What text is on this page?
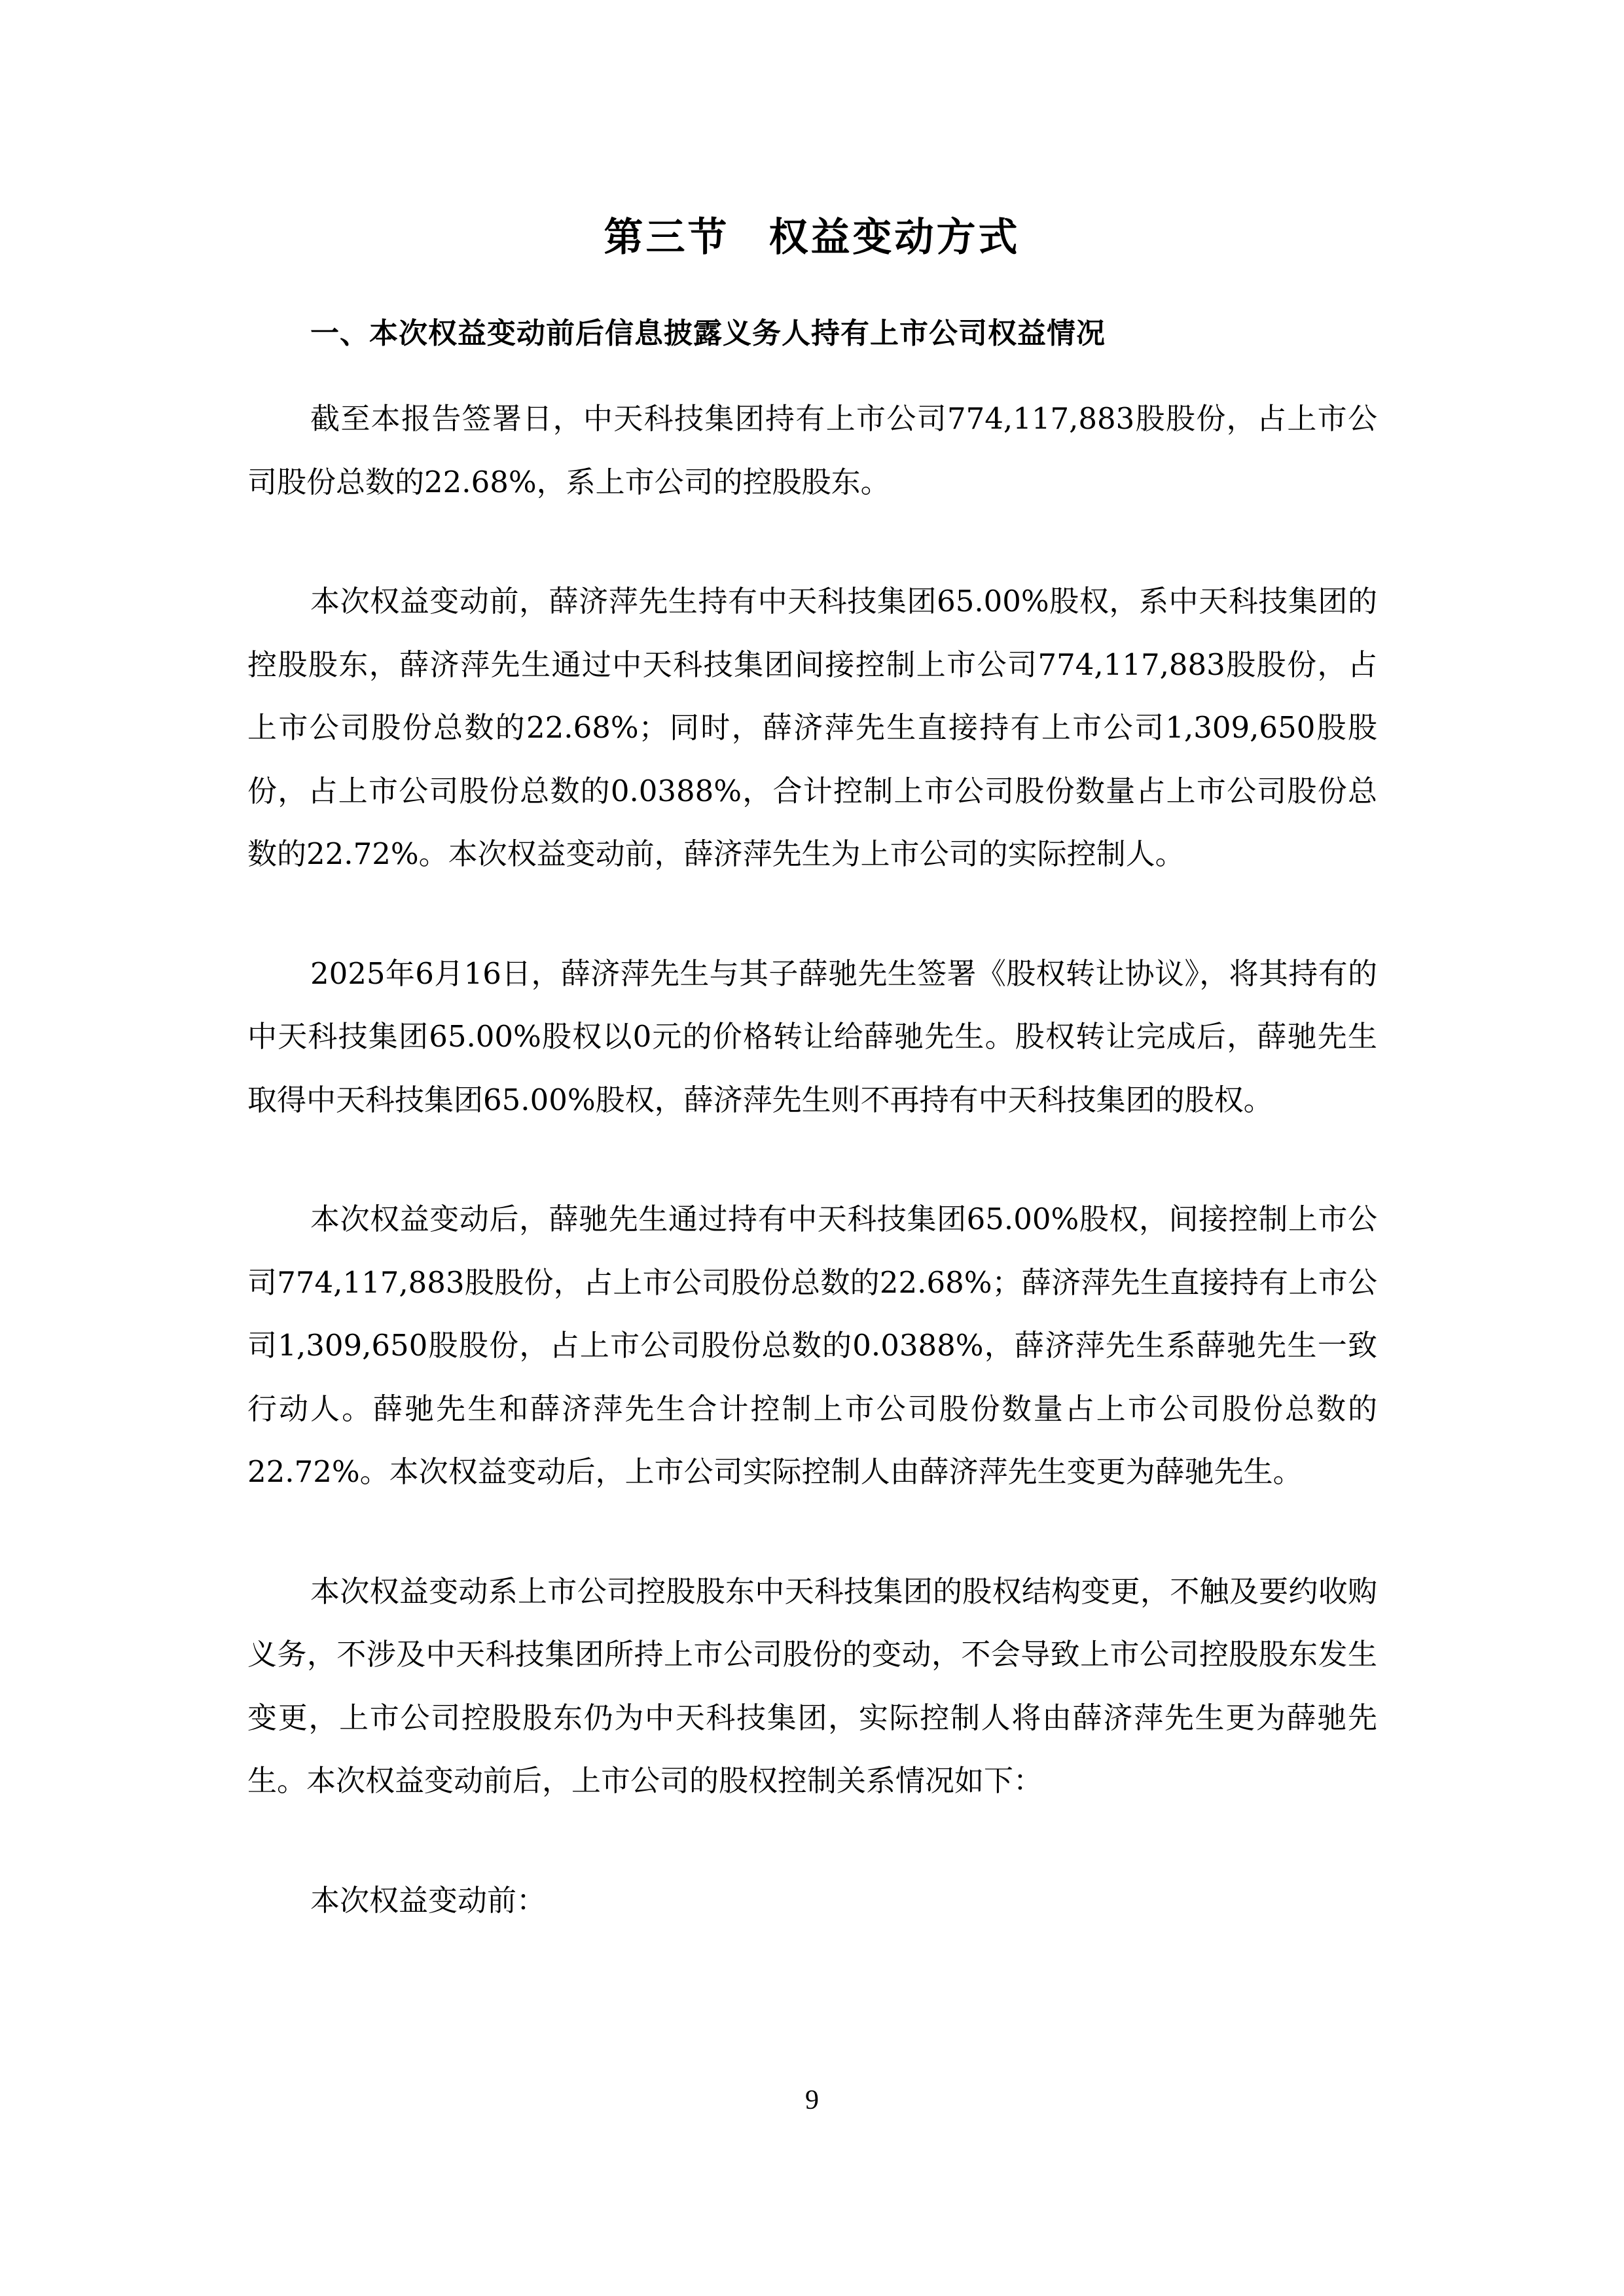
第三节 权益变动方式
一、本次权益变动前后信息披露义务人持有上市公司权益情况

截至本报告签署日，中天科技集团持有上市公司774,117,883股股份，占上市公司股份总数的22.68%，系上市公司的控股股东。

本次权益变动前，薛济萍先生持有中天科技集团65.00%股权，系中天科技集团的控股股东，薛济萍先生通过中天科技集团间接控制上市公司774,117,883股股份，占上市公司股份总数的22.68%；同时，薛济萍先生直接持有上市公司1,309,650股股份，占上市公司股份总数的0.0388%，合计控制上市公司股份数量占上市公司股份总数的22.72%。本次权益变动前，薛济萍先生为上市公司的实际控制人。

2025年6月16日，薛济萍先生与其子薛驰先生签署《股权转让协议》，将其持有的中天科技集团65.00%股权以0元的价格转让给薛驰先生。股权转让完成后，薛驰先生取得中天科技集团65.00%股权，薛济萍先生则不再持有中天科技集团的股权。

本次权益变动后，薛驰先生通过持有中天科技集团65.00%股权，间接控制上市公司774,117,883股股份，占上市公司股份总数的22.68%；薛济萍先生直接持有上市公司1,309,650股股份，占上市公司股份总数的0.0388%，薛济萍先生系薛驰先生一致行动人。薛驰先生和薛济萍先生合计控制上市公司股份数量占上市公司股份总数的22.72%。本次权益变动后，上市公司实际控制人由薛济萍先生变更为薛驰先生。

本次权益变动系上市公司控股股东中天科技集团的股权结构变更，不触及要约收购义务，不涉及中天科技集团所持上市公司股份的变动，不会导致上市公司控股股东发生变更，上市公司控股股东仍为中天科技集团，实际控制人将由薛济萍先生更为薛驰先生。本次权益变动前后，上市公司的股权控制关系情况如下：

本次权益变动前：

9
